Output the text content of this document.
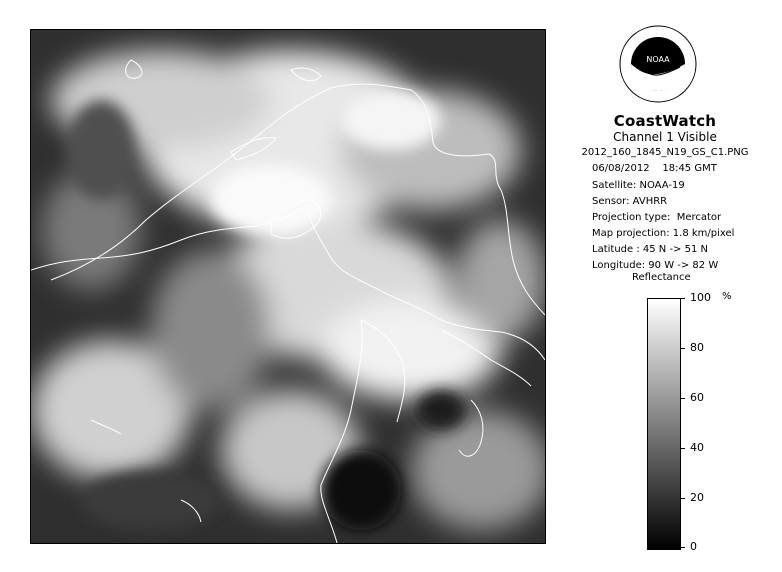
NOAA
CoastWatch
Channel 1 Visible
2012_160_1845_N19_GS_C1.PNG
06/08/2012    18:45 GMT
Satellite: NOAA-19
Sensor: AVHRR
Projection type:  Mercator
Map projection: 1.8 km/pixel
Latitude : 45 N -> 51 N
Longitude: 90 W -> 82 W
Reflectance
%
100
80
60
40
20
0
